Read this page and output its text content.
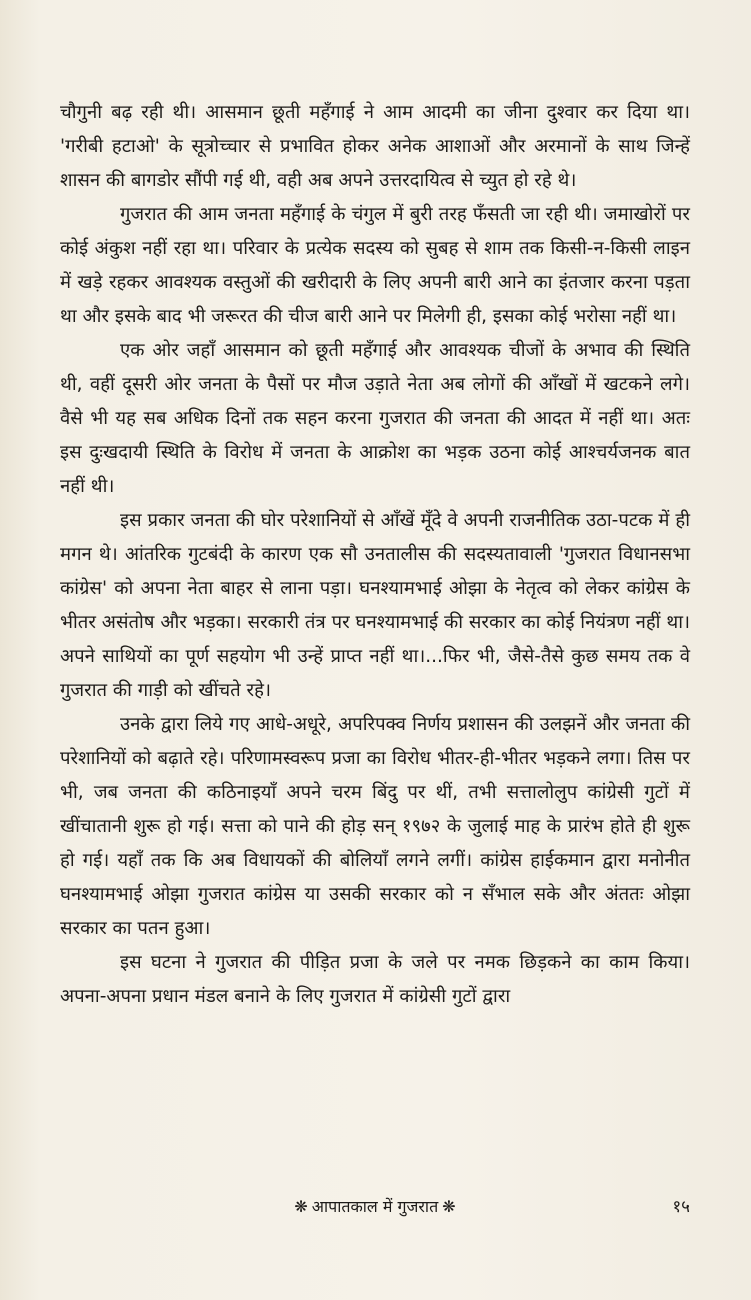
चौगुनी बढ़ रही थी। आसमान छूती महँगाई ने आम आदमी का जीना दुश्वार कर दिया था। 'गरीबी हटाओ' के सूत्रोच्चार से प्रभावित होकर अनेक आशाओं और अरमानों के साथ जिन्हें शासन की बागडोर सौंपी गई थी, वही अब अपने उत्तरदायित्व से च्युत हो रहे थे।

गुजरात की आम जनता महँगाई के चंगुल में बुरी तरह फँसती जा रही थी। जमाखोरों पर कोई अंकुश नहीं रहा था। परिवार के प्रत्येक सदस्य को सुबह से शाम तक किसी-न-किसी लाइन में खड़े रहकर आवश्यक वस्तुओं की खरीदारी के लिए अपनी बारी आने का इंतजार करना पड़ता था और इसके बाद भी जरूरत की चीज बारी आने पर मिलेगी ही, इसका कोई भरोसा नहीं था।

एक ओर जहाँ आसमान को छूती महँगाई और आवश्यक चीजों के अभाव की स्थिति थी, वहीं दूसरी ओर जनता के पैसों पर मौज उड़ाते नेता अब लोगों की आँखों में खटकने लगे। वैसे भी यह सब अधिक दिनों तक सहन करना गुजरात की जनता की आदत में नहीं था। अतः इस दुःखदायी स्थिति के विरोध में जनता के आक्रोश का भड़क उठना कोई आश्चर्यजनक बात नहीं थी।

इस प्रकार जनता की घोर परेशानियों से आँखें मूँदे वे अपनी राजनीतिक उठा-पटक में ही मगन थे। आंतरिक गुटबंदी के कारण एक सौ उनतालीस की सदस्यतावाली 'गुजरात विधानसभा कांग्रेस' को अपना नेता बाहर से लाना पड़ा। घनश्यामभाई ओझा के नेतृत्व को लेकर कांग्रेस के भीतर असंतोष और भड़का। सरकारी तंत्र पर घनश्यामभाई की सरकार का कोई नियंत्रण नहीं था। अपने साथियों का पूर्ण सहयोग भी उन्हें प्राप्त नहीं था।...फिर भी, जैसे-तैसे कुछ समय तक वे गुजरात की गाड़ी को खींचते रहे।

उनके द्वारा लिये गए आधे-अधूरे, अपरिपक्व निर्णय प्रशासन की उलझनें और जनता की परेशानियों को बढ़ाते रहे। परिणामस्वरूप प्रजा का विरोध भीतर-ही-भीतर भड़कने लगा। तिस पर भी, जब जनता की कठिनाइयाँ अपने चरम बिंदु पर थीं, तभी सत्तालोलुप कांग्रेसी गुटों में खींचातानी शुरू हो गई। सत्ता को पाने की होड़ सन् १९७२ के जुलाई माह के प्रारंभ होते ही शुरू हो गई। यहाँ तक कि अब विधायकों की बोलियाँ लगने लगीं। कांग्रेस हाईकमान द्वारा मनोनीत घनश्यामभाई ओझा गुजरात कांग्रेस या उसकी सरकार को न सँभाल सके और अंततः ओझा सरकार का पतन हुआ।

इस घटना ने गुजरात की पीड़ित प्रजा के जले पर नमक छिड़कने का काम किया। अपना-अपना प्रधान मंडल बनाने के लिए गुजरात में कांग्रेसी गुटों द्वारा

❋ आपातकाल में गुजरात ❋	१५
